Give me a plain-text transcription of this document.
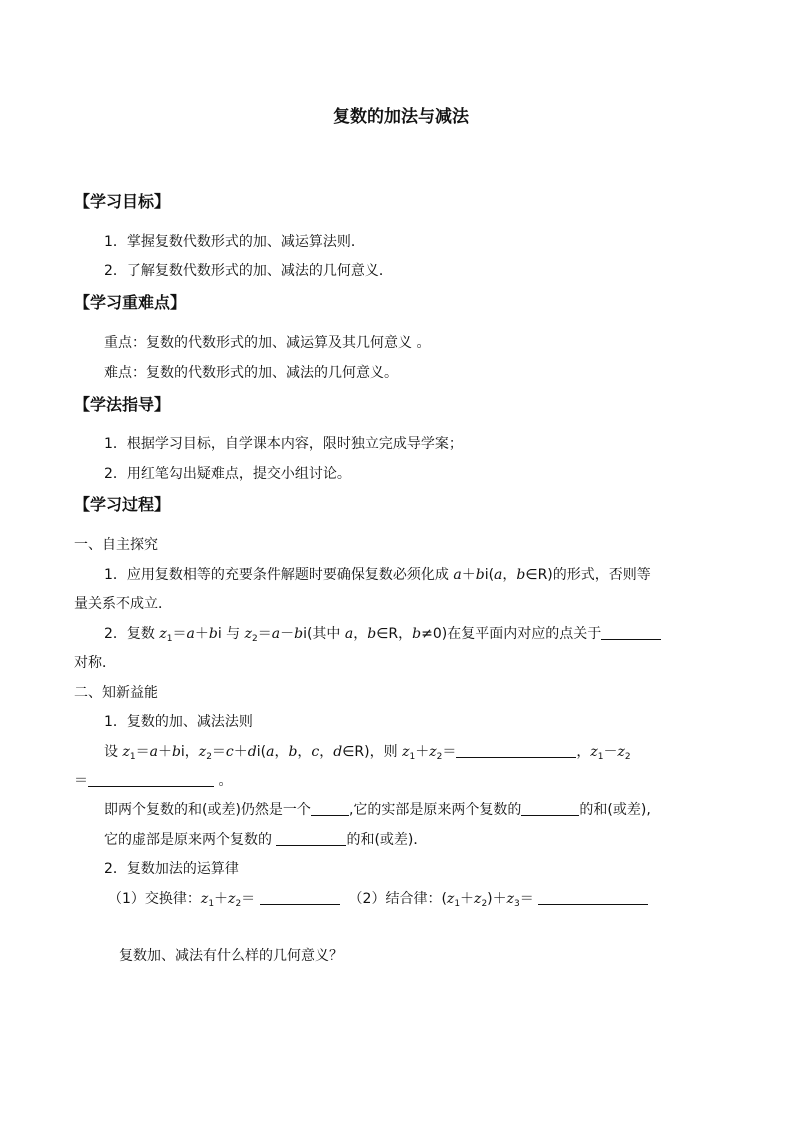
复数的加法与减法
【学习目标】
1．掌握复数代数形式的加、减运算法则．
2．了解复数代数形式的加、减法的几何意义．
【学习重难点】
重点：复数的代数形式的加、减运算及其几何意义 。
难点：复数的代数形式的加、减法的几何意义。
【学法指导】
1．根据学习目标，自学课本内容，限时独立完成导学案；
2．用红笔勾出疑难点，提交小组讨论。
【学习过程】
一、自主探究
1．应用复数相等的充要条件解题时要确保复数必须化成 a＋bi(a，b∈R)的形式，否则等
量关系不成立．
2．复数 $z_1=a+bi$ 与 $z_2=a-bi$(其中 a，b∈R，b≠0)在复平面内对应的点关于
对称．
二、知新益能
1．复数的加、减法法则
设 $z_1=a+bi$，$z_2=c+di(a$，b，c，d∈R)，则 $z_1+z_2=$	，$z_1-z_2$
＝	。
即两个复数的和(或差)仍然是一个	,它的实部是原来两个复数的	的和(或差),
它的虚部是原来两个复数的	的和(或差)．
2．复数加法的运算律
（1）交换律：$z_1+z_2=$	（2）结合律：$(z_1+z_2)+z_3=$
复数加、减法有什么样的几何意义？
